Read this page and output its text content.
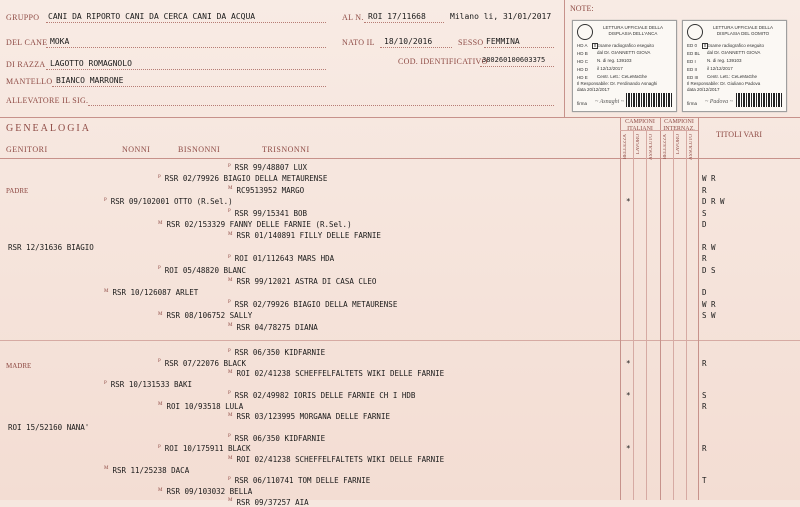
GRUPPO CANI DA RIPORTO CANI DA CERCA CANI DA ACQUA	AL N. ROI 17/11668	Milano li, 31/01/2017
DEL CANE MOKA	NATO IL 18/10/2016	SESSO FEMMINA
DI RAZZA LAGOTTO ROMAGNOLO	COD. IDENTIFICATIVO
380260100603375
MANTELLO BIANCO MARRONE
ALLEVATORE IL SIG.
NOTE:
LETTURA UFFICIALE DELLA DISPLASIA DELL'ANCA
HD A
HD B
HD C
HD D
HD E
x Esame radiografico eseguito
dal Dr. GIANNETTI GIOVA
N. di reg. 139103
il 12/12/2017
Centr. Lett.: CeLeMaGhe
Il Responsabile: Dr. Ferdinando Asnaghi
data 20/12/2017
firma ~ Asnaghi ~
LETTURA UFFICIALE DELLA DISPLASIA DEL GOMITO
ED 0
ED BL
ED I
ED II
ED III
x Esame radiografico eseguito
dal Dr. GIANNETTI GIOVA
N. di reg. 139103
il 12/12/2017
Centr. Lett.: CeLeMaGhe
Il Responsabile: Dr. Giuliano Padova
data 20/12/2017
firma ~ Padova ~
GENEALOGIA
GENITORI	NONNI	BISNONNI	TRISNONNI
CAMPIONI ITALIANI
CAMPIONI INTERNAZ.
BELLEZZA LAVORO ASSOLUTO BELLEZZA LAVORO ASSOLUTO	TITOLI VARI
PADRE
MADRE
$^P$ RSR 99/48807 LUX
$^P$ RSR 02/79926 BIAGIO DELLA METAURENSE	W R
$^M$ RC9513952 MARGO	R
$^P$ RSR 09/102001 OTTO (R.Sel.)	*	D R W
$^P$ RSR 99/15341 BOB	S
$^M$ RSR 02/153329 FANNY DELLE FARNIE (R.Sel.)	D
$^M$ RSR 01/140891 FILLY DELLE FARNIE
RSR 12/31636 BIAGIO	R W
$^P$ ROI 01/112643 MARS HDA	R
$^P$ ROI 05/48820 BLANC	D S
$^M$ RSR 99/12021 ASTRA DI CASA CLEO
$^M$ RSR 10/126087 ARLET	D
$^P$ RSR 02/79926 BIAGIO DELLA METAURENSE	W R
$^M$ RSR 08/106752 SALLY	S W
$^M$ RSR 04/78275 DIANA
$^P$ RSR 06/350 KIDFARNIE
$^P$ RSR 07/22076 BLACK	*	R
$^M$ ROI 02/41238 SCHEFFELFALTETS WIKI DELLE FARNIE
$^P$ RSR 10/131533 BAKI
$^P$ RSR 02/49982 IORIS DELLE FARNIE CH I HDB	*	S
$^M$ ROI 10/93518 LULA	R
$^M$ RSR 03/123995 MORGANA DELLE FARNIE
ROI 15/52160 NANA'
$^P$ RSR 06/350 KIDFARNIE
$^P$ ROI 10/175911 BLACK	*	R
$^M$ ROI 02/41238 SCHEFFELFALTETS WIKI DELLE FARNIE
$^M$ RSR 11/25238 DACA
$^P$ RSR 06/110741 TOM DELLE FARNIE	T
$^M$ RSR 09/103032 BELLA
$^M$ RSR 09/37257 AIA
